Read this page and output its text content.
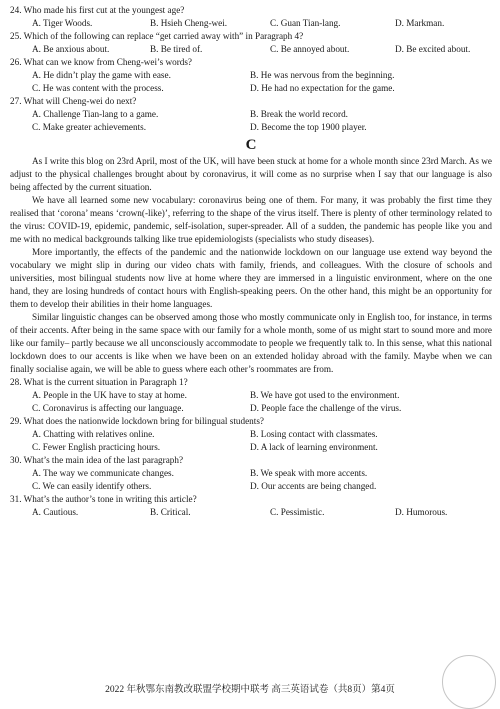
24. Who made his first cut at the youngest age?

A. Tiger Woods.	B. Hsieh Cheng-wei.	C. Guan Tian-lang.	D. Markman.

25. Which of the following can replace “get carried away with” in Paragraph 4?

A. Be anxious about.	B. Be tired of.	C. Be annoyed about.	D. Be excited about.

26. What can we know from Cheng-wei’s words?

A. He didn’t play the game with ease.	B. He was nervous from the beginning.
C. He was content with the process.	D. He had no expectation for the game.

27. What will Cheng-wei do next?

A. Challenge Tian-lang to a game.	B. Break the world record.
C. Make greater achievements.	D. Become the top 1900 player.
C

As I write this blog on 23rd April, most of the UK, will have been stuck at home for a whole month since 23rd March. As we adjust to the physical challenges brought about by coronavirus, it will come as no surprise when I say that our language is also being affected by the current situation.

We have all learned some new vocabulary: coronavirus being one of them. For many, it was probably the first time they realised that ‘corona’ means ‘crown(-like)’, referring to the shape of the virus itself. There is plenty of other terminology related to the virus: COVID-19, epidemic, pandemic, self-isolation, super-spreader. All of a sudden, the pandemic has people like you and me with no medical backgrounds talking like true epidemiologists (specialists who study diseases).

More importantly, the effects of the pandemic and the nationwide lockdown on our language use extend way beyond the vocabulary we might slip in during our video chats with family, friends, and colleagues. With the closure of schools and universities, most bilingual students now live at home where they are immersed in a linguistic environment, where on the one hand, they are losing hundreds of contact hours with English-speaking peers. On the other hand, this might be an opportunity for them to develop their abilities in their home languages.

Similar linguistic changes can be observed among those who mostly communicate only in English too, for instance, in terms of their accents. After being in the same space with our family for a whole month, some of us might start to sound more and more like our family– partly because we all unconsciously accommodate to people we frequently talk to. In this sense, what this national lockdown does to our accents is like when we have been on an extended holiday abroad with the family. Maybe when we can finally socialise again, we will be able to guess where each other’s roommates are from.

28. What is the current situation in Paragraph 1?

A. People in the UK have to stay at home.	B. We have got used to the environment.
C. Coronavirus is affecting our language.	D. People face the challenge of the virus.

29. What does the nationwide lockdown bring for bilingual students?

A. Chatting with relatives online.	B. Losing contact with classmates.
C. Fewer English practicing hours.	D. A lack of learning environment.

30. What’s the main idea of the last paragraph?

A. The way we communicate changes.	B. We speak with more accents.
C. We can easily identify others.	D. Our accents are being changed.

31. What’s the author’s tone in writing this article?

A. Cautious.	B. Critical.	C. Pessimistic.	D. Humorous.
2022 年秋鄂东南教改联盟学校期中联考 高三英语试卷（共8页）第4页
